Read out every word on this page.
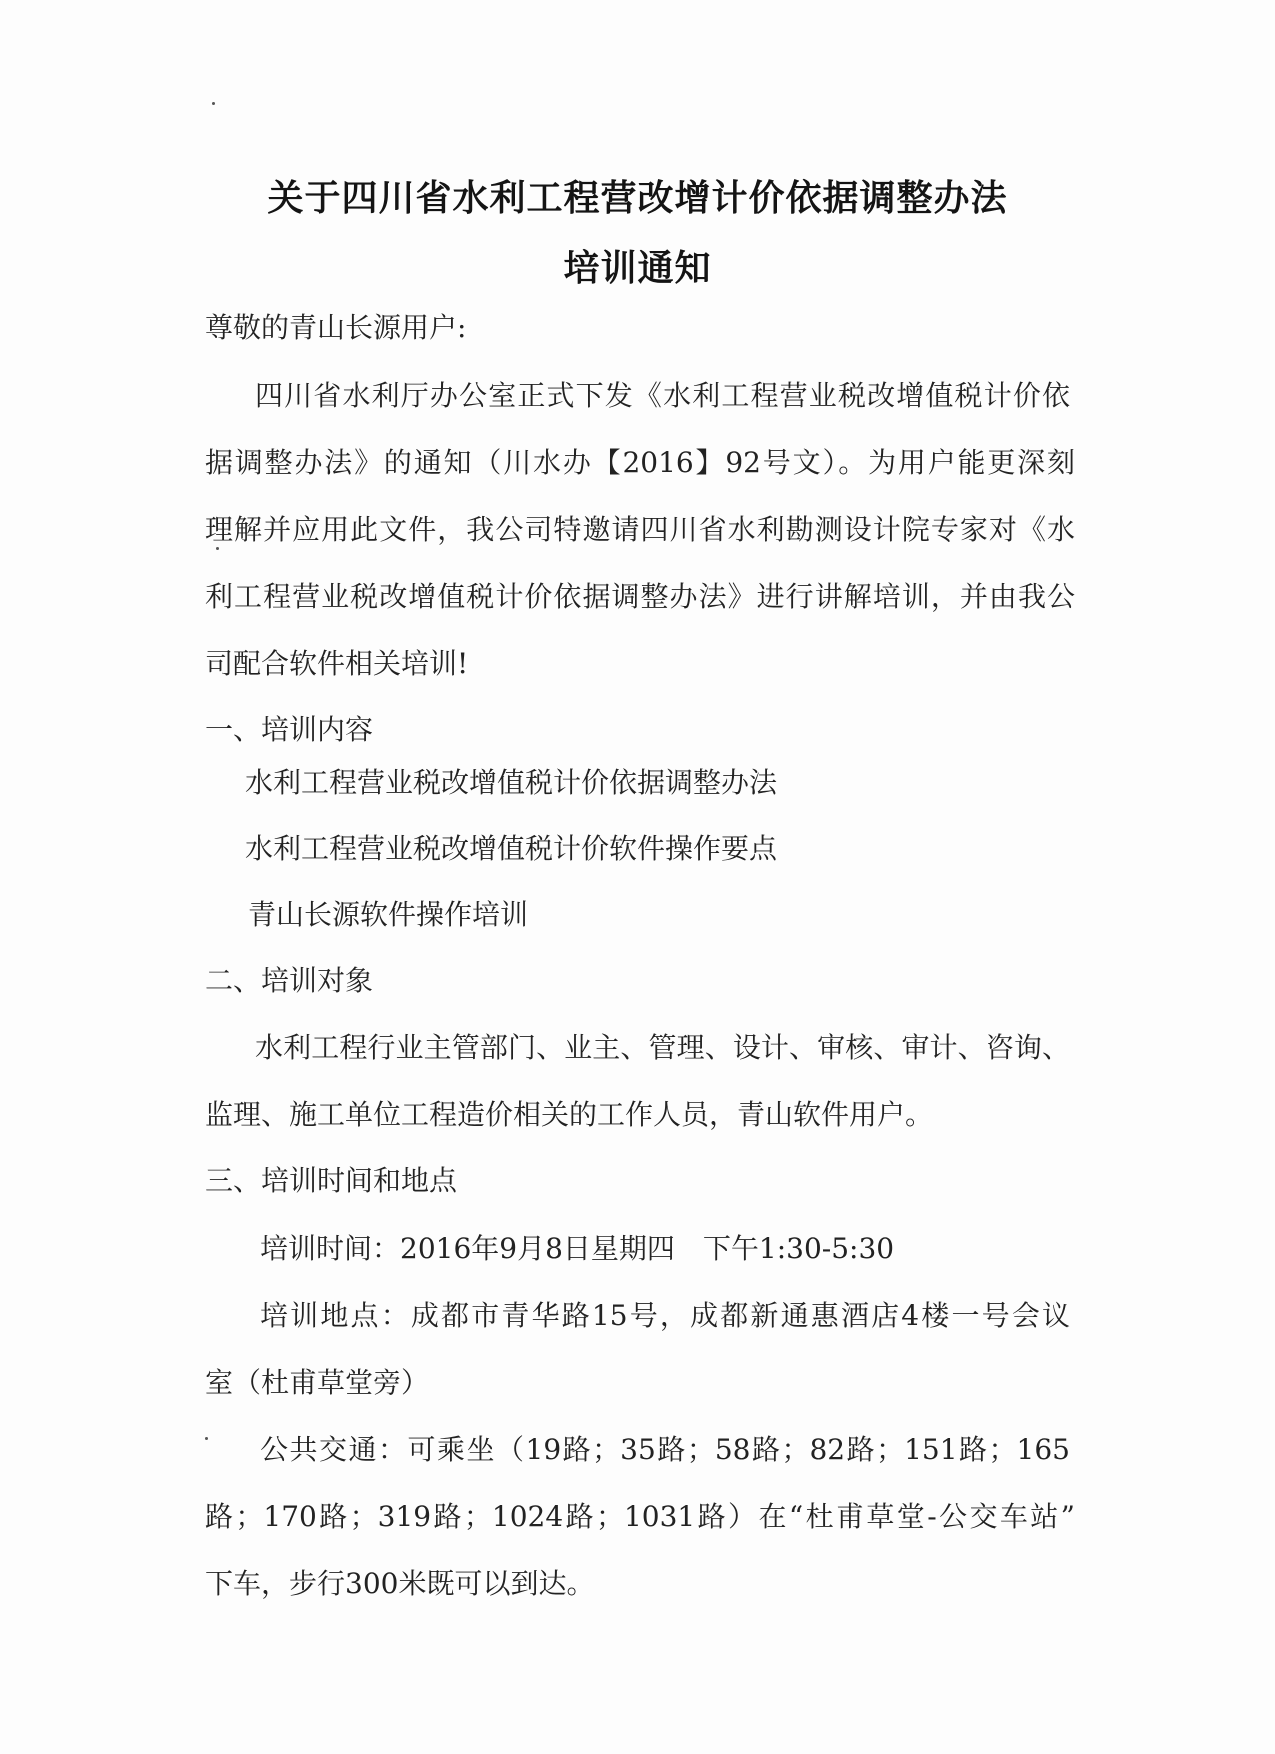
关于四川省水利工程营改增计价依据调整办法
培训通知
尊敬的青山长源用户:
四川省水利厅办公室正式下发《水利工程营业税改增值税计价依
据调整办法》的通知（川水办【2016】92号文）。为用户能更深刻
理解并应用此文件，我公司特邀请四川省水利勘测设计院专家对《水
利工程营业税改增值税计价依据调整办法》进行讲解培训，并由我公
司配合软件相关培训!
一、培训内容
水利工程营业税改增值税计价依据调整办法
水利工程营业税改增值税计价软件操作要点
青山长源软件操作培训
二、培训对象
水利工程行业主管部门、业主、管理、设计、审核、审计、咨询、
监理、施工单位工程造价相关的工作人员，青山软件用户。
三、培训时间和地点
培训时间：2016年9月8日星期四　下午1:30-5:30
培训地点：成都市青华路15号，成都新通惠酒店4楼一号会议
室（杜甫草堂旁）
公共交通：可乘坐（19路；35路；58路；82路；151路；165
路；170路；319路；1024路；1031路）在“杜甫草堂-公交车站”
下车，步行300米既可以到达。
